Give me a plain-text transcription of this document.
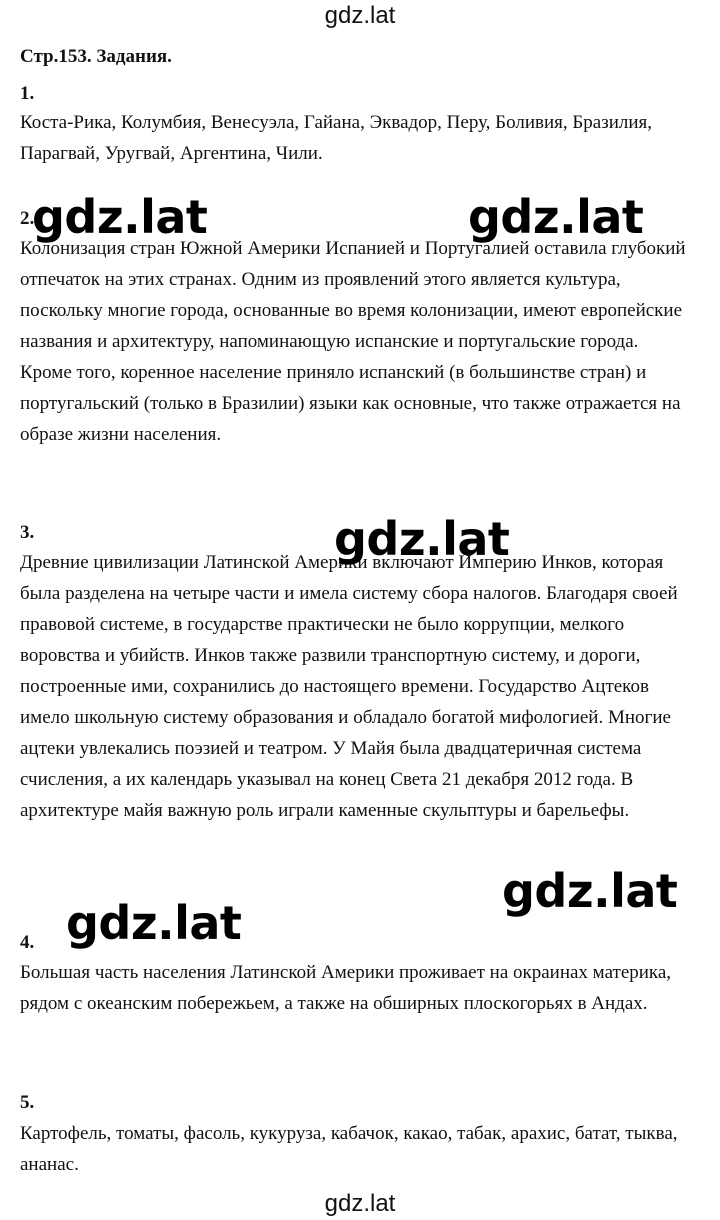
gdz.lat
Стр.153. Задания.
1.

Коста-Рика, Колумбия, Венесуэла, Гайана, Эквадор, Перу, Боливия, Бразилия, Парагвай, Уругвай, Аргентина, Чили.

2.

Колонизация стран Южной Америки Испанией и Португалией оставила глубокий отпечаток на этих странах. Одним из проявлений этого является культура, поскольку многие города, основанные во время колонизации, имеют европейские названия и архитектуру, напоминающую испанские и португальские города. Кроме того, коренное население приняло испанский (в большинстве стран) и португальский (только в Бразилии) языки как основные, что также отражается на образе жизни населения.

3.

Древние цивилизации Латинской Америки включают Империю Инков, которая была разделена на четыре части и имела систему сбора налогов. Благодаря своей правовой системе, в государстве практически не было коррупции, мелкого воровства и убийств. Инков также развили транспортную систему, и дороги, построенные ими, сохранились до настоящего времени. Государство Ацтеков имело школьную систему образования и обладало богатой мифологией. Многие ацтеки увлекались поэзией и театром. У Майя была двадцатеричная система счисления, а их календарь указывал на конец Света 21 декабря 2012 года. В архитектуре майя важную роль играли каменные скульптуры и барельефы.

4.

Большая часть населения Латинской Америки проживает на окраинах материка, рядом с океанским побережьем, а также на обширных плоскогорьях в Андах.

5.

Картофель, томаты, фасоль, кукуруза, кабачок, какао, табак, арахис, батат, тыква, ананас.

gdz.lat	gdz.lat
gdz.lat
gdz.lat
gdz.lat
gdz.lat
